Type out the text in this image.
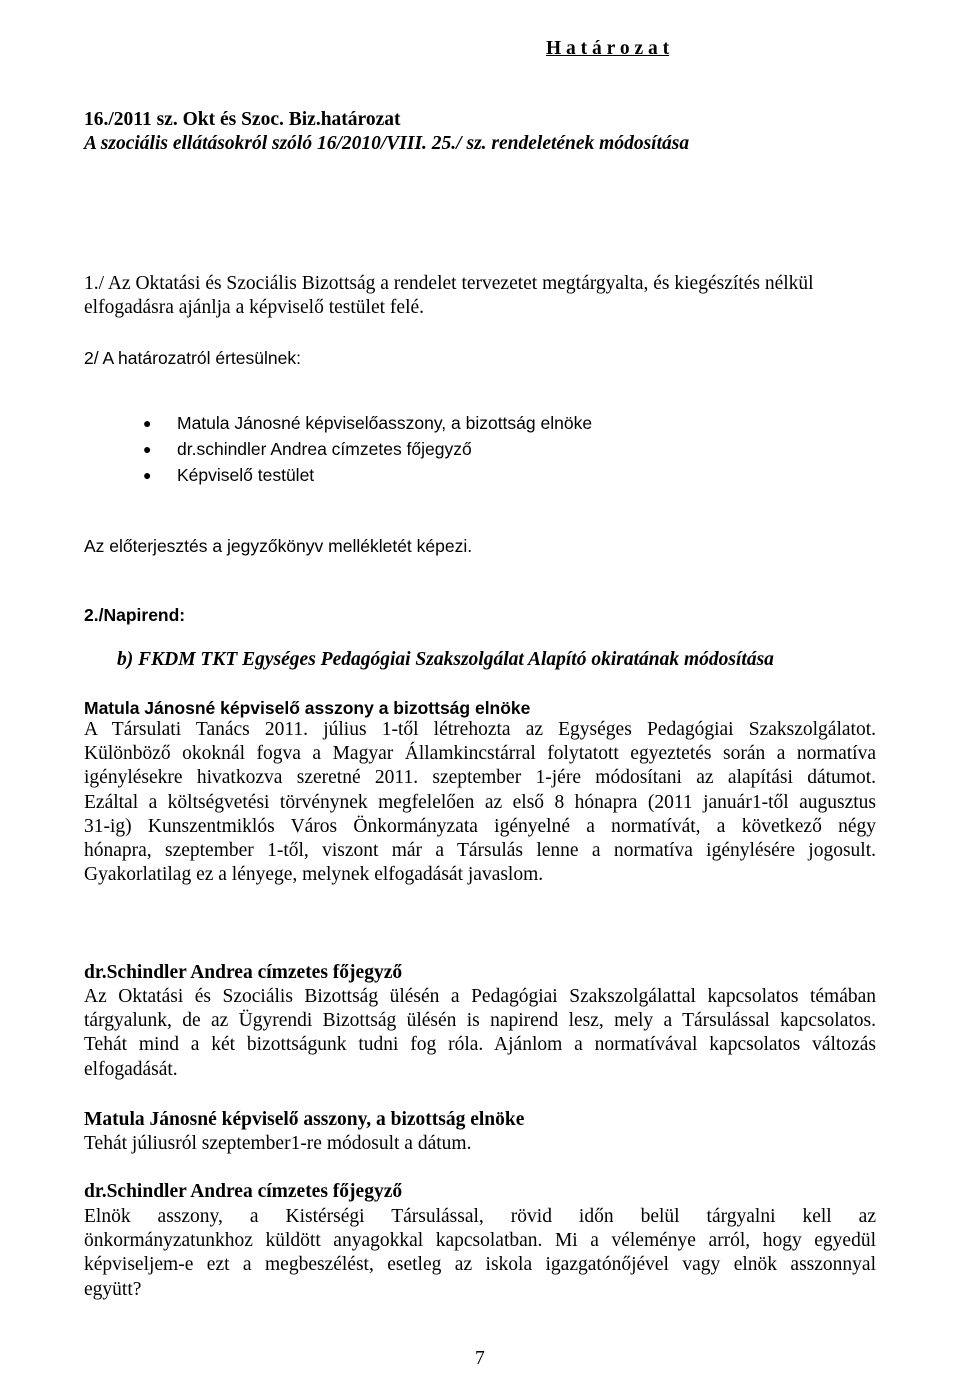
16./2011 sz. Okt és Szoc. Biz.határozat
A szociális ellátásokról szóló 16/2010/VIII. 25./ sz. rendeletének módosítása
H a t á r o z a t
1./ Az Oktatási és Szociális Bizottság a rendelet tervezetet megtárgyalta, és kiegészítés nélkül
elfogadásra ajánlja a képviselő testület felé.
2/ A határozatról értesülnek:
● Matula Jánosné képviselőasszony, a bizottság elnöke
● dr.schindler Andrea címzetes főjegyző
● Képviselő testület
Az előterjesztés a jegyzőkönyv mellékletét képezi.
2./Napirend:
b) FKDM TKT Egységes Pedagógiai Szakszolgálat Alapító okiratának módosítása
Matula Jánosné képviselő asszony a bizottság elnöke
A Társulati Tanács 2011. július 1-től létrehozta az Egységes Pedagógiai Szakszolgálatot.
Különböző okoknál fogva a Magyar Államkincstárral folytatott egyeztetés során a normatíva
igénylésekre hivatkozva szeretné 2011. szeptember 1-jére módosítani az alapítási dátumot.
Ezáltal a költségvetési törvénynek megfelelően az első 8 hónapra (2011 január1-től augusztus
31-ig) Kunszentmiklós Város Önkormányzata igényelné a normatívát, a következő négy
hónapra, szeptember 1-től, viszont már a Társulás lenne a normatíva igénylésére jogosult.
Gyakorlatilag ez a lényege, melynek elfogadását javaslom.
dr.Schindler Andrea címzetes főjegyző
Az Oktatási és Szociális Bizottság ülésén a Pedagógiai Szakszolgálattal kapcsolatos témában
tárgyalunk, de az Ügyrendi Bizottság ülésén is napirend lesz, mely a Társulással kapcsolatos.
Tehát mind a két bizottságunk tudni fog róla. Ajánlom a normatívával kapcsolatos változás
elfogadását.
Matula Jánosné képviselő asszony, a bizottság elnöke
Tehát júliusról szeptember1-re módosult a dátum.
dr.Schindler Andrea címzetes főjegyző
Elnök asszony, a Kistérségi Társulással, rövid időn belül tárgyalni kell az
önkormányzatunkhoz küldött anyagokkal kapcsolatban. Mi a véleménye arról, hogy egyedül
képviseljem-e ezt a megbeszélést, esetleg az iskola igazgatónőjével vagy elnök asszonnyal
együtt?
7
